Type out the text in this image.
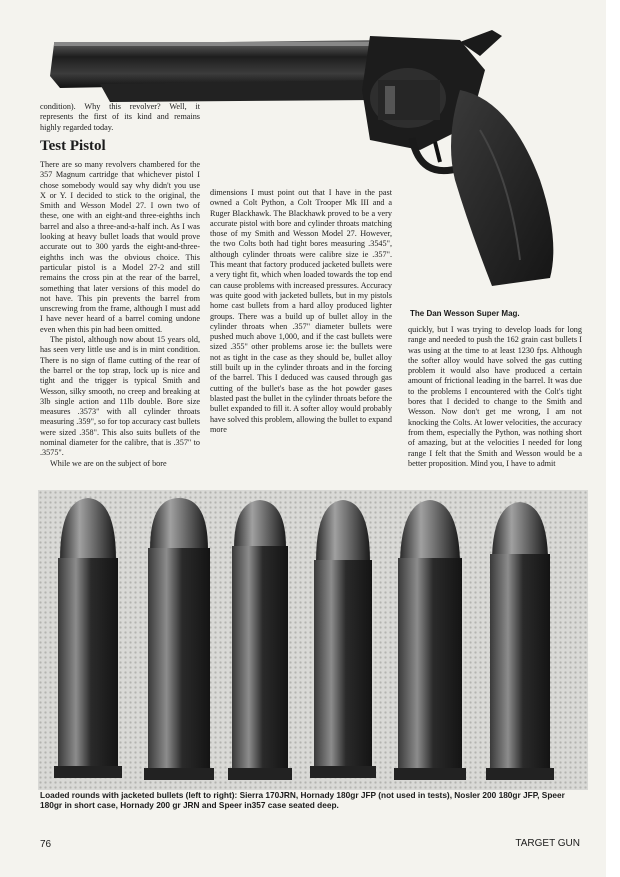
condition). Why this revolver? Well, it represents the first of its kind and remains highly regarded today.

Test Pistol

There are so many revolvers chambered for the 357 Magnum cartridge that whichever pistol I chose somebody would say why didn't you use X or Y. I decided to stick to the original, the Smith and Wesson Model 27. I own two of these, one with an eight-and three-eighths inch barrel and also a three-and-a-half inch. As I was looking at heavy bullet loads that would prove accurate out to 300 yards the eight-and-three-eighths inch was the obvious choice. This particular pistol is a Model 27-2 and still remains the cross pin at the rear of the barrel, something that later versions of this model do not have. This pin prevents the barrel from unscrewing from the frame, although I must add I have never heard of a barrel coming undone even when this pin had been omitted.

The pistol, although now about 15 years old, has seen very little use and is in mint condition. There is no sign of flame cutting of the rear of the barrel or the top strap, lock up is nice and tight and the trigger is typical Smith and Wesson, silky smooth, no creep and breaking at 3lb single action and 11lb double. Bore size measures .3573" with all cylinder throats measuring .359", so for top accuracy cast bullets were sized .358". This also suits bullets of the nominal diameter for the calibre, that is .357" to .3575".

While we are on the subject of bore

dimensions I must point out that I have in the past owned a Colt Python, a Colt Trooper Mk III and a Ruger Blackhawk. The Blackhawk proved to be a very accurate pistol with bore and cylinder throats matching those of my Smith and Wesson Model 27. However, the two Colts both had tight bores measuring .3545", although cylinder throats were calibre size ie .357". This meant that factory produced jacketed bullets were a very tight fit, which when loaded towards the top end can cause problems with increased pressures. Accuracy was quite good with jacketed bullets, but in my pistols home cast bullets from a hard alloy produced lighter groups. There was a build up of bullet alloy in the cylinder throats when .357" diameter bullets were pushed much above 1,000, and if the cast bullets were sized .355" other problems arose ie: the bullets were not as tight in the case as they should be, bullet alloy still built up in the cylinder throats and in the forcing of the barrel. This I deduced was caused through gas cutting of the bullet's base as the hot powder gases blasted past the bullet in the cylinder throats before the bullet expanded to fill it. A softer alloy would probably have solved this problem, allowing the bullet to expand more

The Dan Wesson Super Mag.

quickly, but I was trying to develop loads for long range and needed to push the 162 grain cast bullets I was using at the time to at least 1230 fps. Although the softer alloy would have solved the gas cutting problem it would also have produced a certain amount of frictional leading in the barrel. It was due to the problems I encountered with the Colt's tight bores that I decided to change to the Smith and Wesson. Now don't get me wrong, I am not knocking the Colts. At lower velocities, the accuracy from them, especially the Python, was nothing short of amazing, but at the velocities I needed for long range I felt that the Smith and Wesson would be a better proposition. Mind you, I have to admit

Loaded rounds with jacketed bullets (left to right): Sierra 170JRN, Hornady 180gr JFP (not used in tests), Nosler 200 180gr JFP, Speer 180gr in short case, Hornady 200 gr JRN and Speer in357 case seated deep.

76	TARGET GUN
